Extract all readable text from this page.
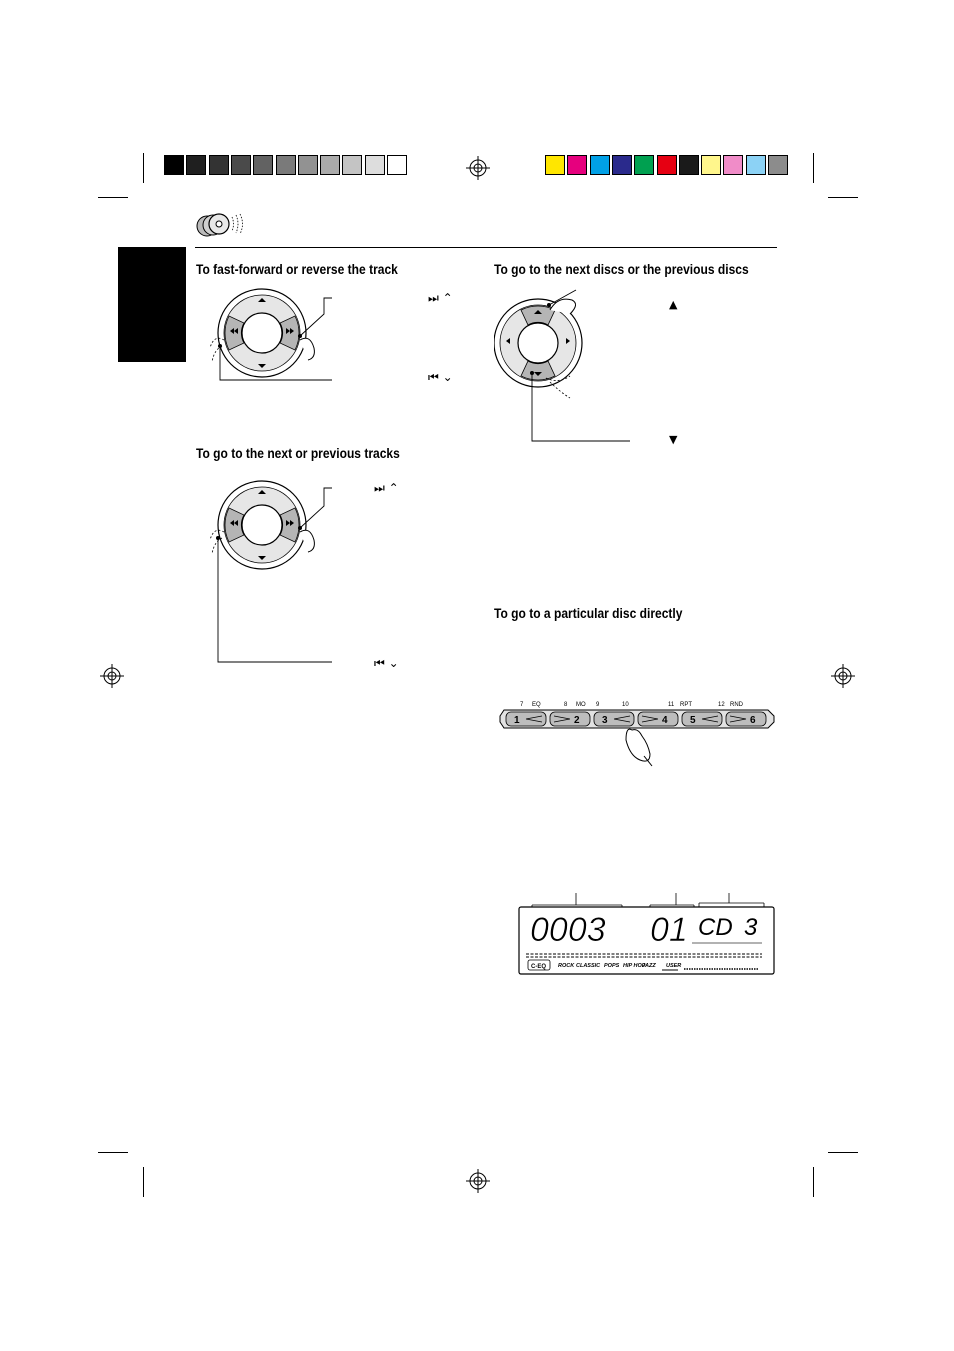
To fast-forward or reverse the track
To go to the next or previous tracks
To go to the next discs or the previous discs
To go to a particular disc directly
⏭ ⌃
⏮ ⌄
⏭ ⌃
⏮ ⌄
▲
▼
7 EQ	8 MO 9	10	11 RPT	12 RND
1	2 3	4 5	6
0003 01 CD 3
C-EQ ROCK CLASSIC POPS HIP HOP
JAZZ USER
